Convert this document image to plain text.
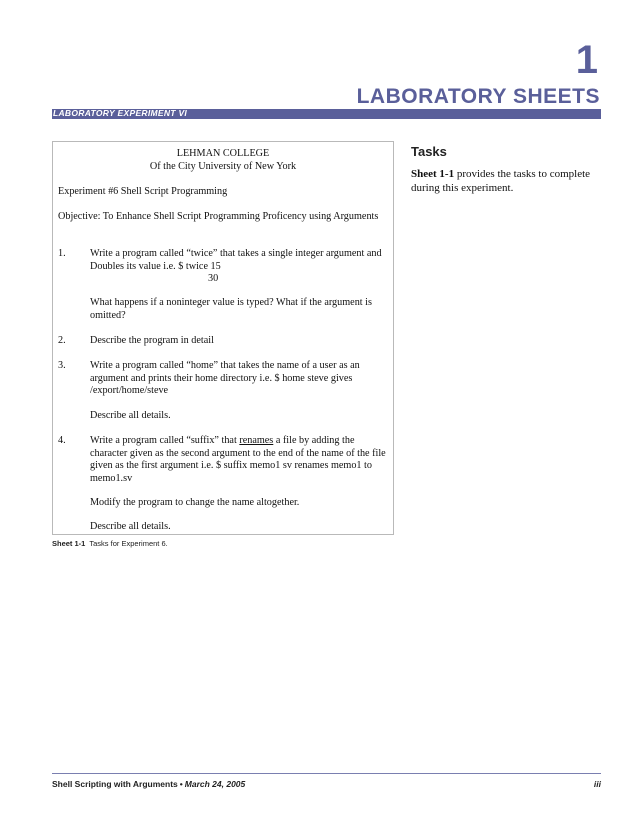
1
LABORATORY SHEETS
LABORATORY EXPERIMENT VI
LEHMAN COLLEGE
Of the City University of New York
Experiment #6 Shell Script Programming
Objective: To Enhance Shell Script Programming Proficency using Arguments
1. Write a program called “twice” that takes a single integer argument and Doubles its value i.e. $ twice 15
30
What happens if a noninteger value is typed? What if the argument is omitted?
2. Describe the program in detail
3. Write a program called “home” that takes the name of a user as an argument and prints their home directory i.e. $ home steve gives /export/home/steve
Describe all details.
4. Write a program called “suffix” that renames a file by adding the character given as the second argument to the end of the name of the file given as the first argument i.e. $ suffix memo1 sv renames memo1 to memo1.sv
Modify the program to change the name altogether.
Describe all details.
Sheet 1-1 Tasks for Experiment 6.
Tasks
Sheet 1-1 provides the tasks to complete during this experiment.
Shell Scripting with Arguments • March 24, 2005	iii
